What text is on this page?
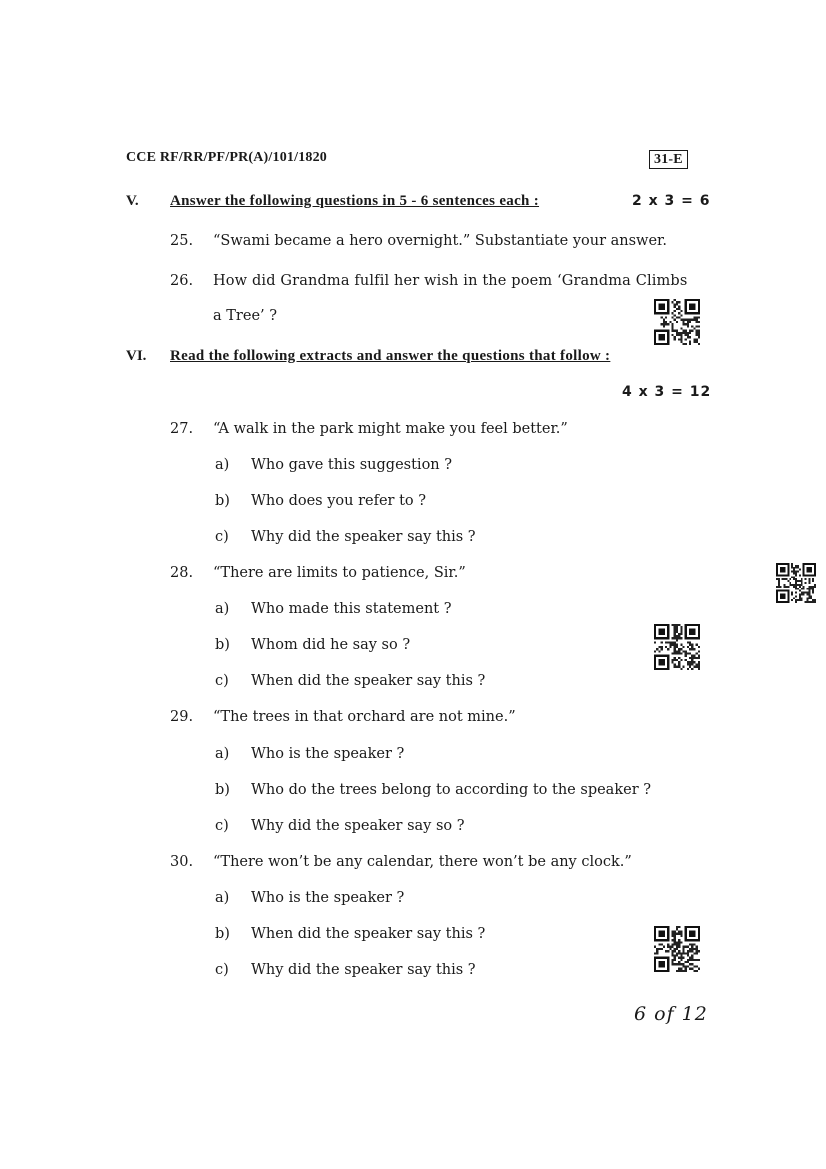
CCE RF/RR/PF/PR(A)/101/1820	31-E
V. Answer the following questions in 5 - 6 sentences each :	2 x 3 = 6
25. “Swami became a hero overnight.” Substantiate your answer.
26. How did Grandma fulfil her wish in the poem ‘Grandma Climbs
a Tree’ ?
VI. Read the following extracts and answer the questions that follow :
4 x 3 = 12
27. “A walk in the park might make you feel better.”
a) Who gave this suggestion ?
b) Who does you refer to ?
c) Why did the speaker say this ?
28. “There are limits to patience, Sir.”
a) Who made this statement ?
b) Whom did he say so ?
c) When did the speaker say this ?
29. “The trees in that orchard are not mine.”
a) Who is the speaker ?
b) Who do the trees belong to according to the speaker ?
c) Why did the speaker say so ?
30. “There won’t be any calendar, there won’t be any clock.”
a) Who is the speaker ?
b) When did the speaker say this ?
c) Why did the speaker say this ?
6 of 12
